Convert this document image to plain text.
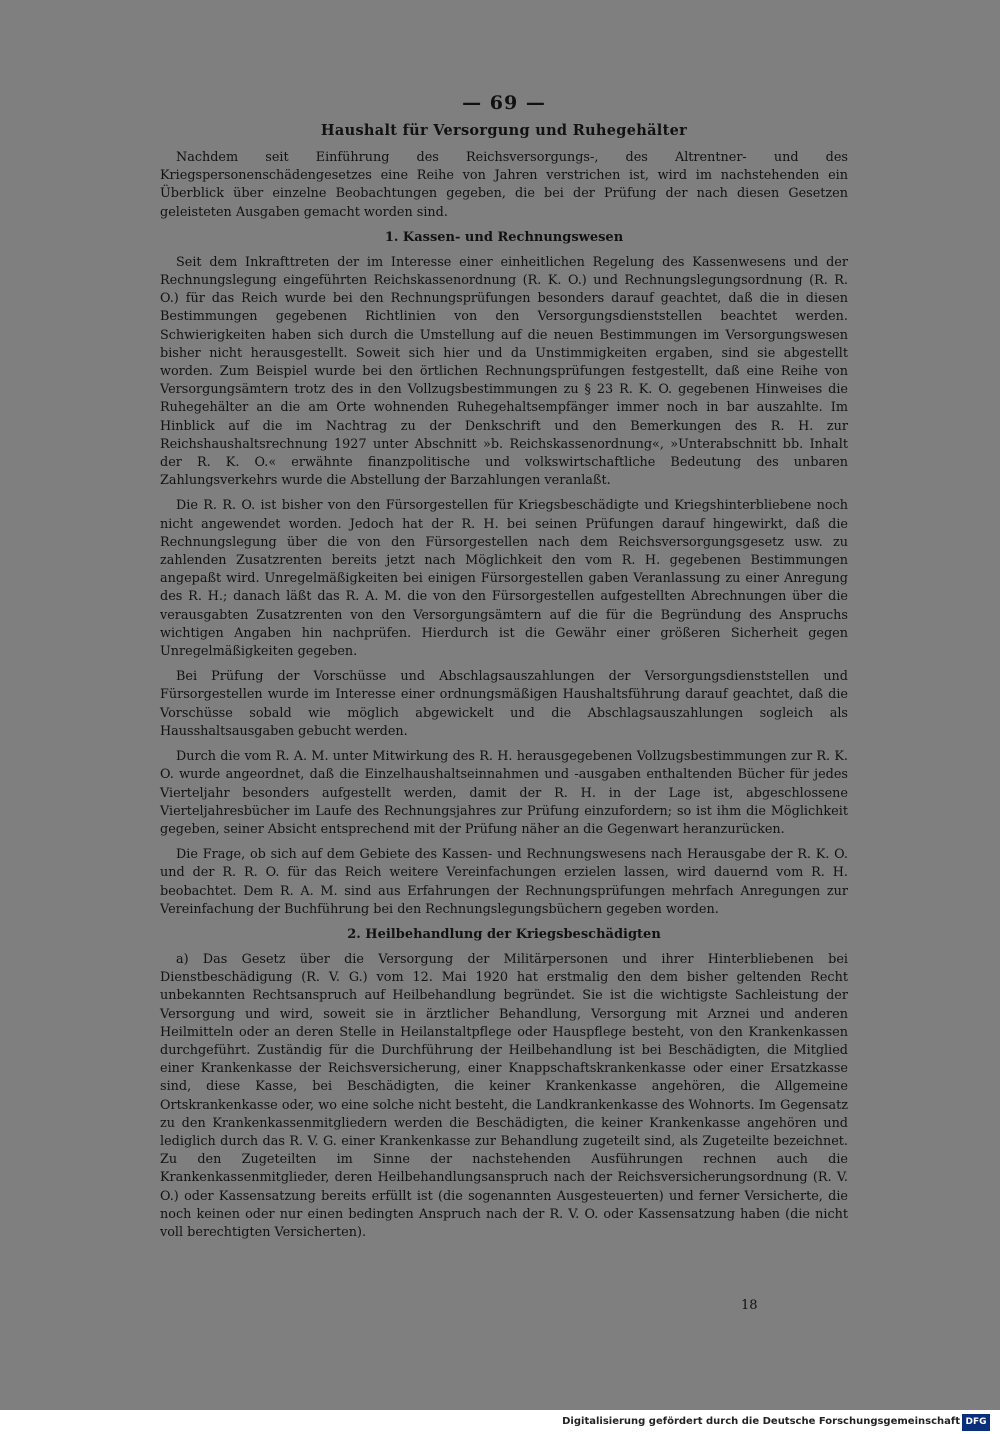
— 69 —
Haushalt für Versorgung und Ruhegehälter

Nachdem seit Einführung des Reichsversorgungs-, des Altrentner- und des Kriegspersonenschädengesetzes eine Reihe von Jahren verstrichen ist, wird im nachstehenden ein Überblick über einzelne Beobachtungen gegeben, die bei der Prüfung der nach diesen Gesetzen geleisteten Ausgaben gemacht worden sind.

1. Kassen- und Rechnungswesen

Seit dem Inkrafttreten der im Interesse einer einheitlichen Regelung des Kassenwesens und der Rechnungslegung eingeführten Reichskassenordnung (R. K. O.) und Rechnungslegungsordnung (R. R. O.) für das Reich wurde bei den Rechnungsprüfungen besonders darauf geachtet, daß die in diesen Bestimmungen gegebenen Richtlinien von den Versorgungsdienststellen beachtet werden. Schwierigkeiten haben sich durch die Umstellung auf die neuen Bestimmungen im Versorgungswesen bisher nicht herausgestellt. Soweit sich hier und da Unstimmigkeiten ergaben, sind sie abgestellt worden. Zum Beispiel wurde bei den örtlichen Rechnungsprüfungen festgestellt, daß eine Reihe von Versorgungsämtern trotz des in den Vollzugsbestimmungen zu § 23 R. K. O. gegebenen Hinweises die Ruhegehälter an die am Orte wohnenden Ruhegehaltsempfänger immer noch in bar auszahlte. Im Hinblick auf die im Nachtrag zu der Denkschrift und den Bemerkungen des R. H. zur Reichshaushaltsrechnung 1927 unter Abschnitt »b. Reichskassenordnung«, »Unterabschnitt bb. Inhalt der R. K. O.« erwähnte finanzpolitische und volkswirtschaftliche Bedeutung des unbaren Zahlungsverkehrs wurde die Abstellung der Barzahlungen veranlaßt.

Die R. R. O. ist bisher von den Fürsorgestellen für Kriegsbeschädigte und Kriegshinterbliebene noch nicht angewendet worden. Jedoch hat der R. H. bei seinen Prüfungen darauf hingewirkt, daß die Rechnungslegung über die von den Fürsorgestellen nach dem Reichsversorgungsgesetz usw. zu zahlenden Zusatzrenten bereits jetzt nach Möglichkeit den vom R. H. gegebenen Bestimmungen angepaßt wird. Unregelmäßigkeiten bei einigen Fürsorgestellen gaben Veranlassung zu einer Anregung des R. H.; danach läßt das R. A. M. die von den Fürsorgestellen aufgestellten Abrechnungen über die verausgabten Zusatzrenten von den Versorgungsämtern auf die für die Begründung des Anspruchs wichtigen Angaben hin nachprüfen. Hierdurch ist die Gewähr einer größeren Sicherheit gegen Unregelmäßigkeiten gegeben.

Bei Prüfung der Vorschüsse und Abschlagsauszahlungen der Versorgungsdienststellen und Fürsorgestellen wurde im Interesse einer ordnungsmäßigen Haushaltsführung darauf geachtet, daß die Vorschüsse sobald wie möglich abgewickelt und die Abschlagsauszahlungen sogleich als Hausshaltsausgaben gebucht werden.

Durch die vom R. A. M. unter Mitwirkung des R. H. herausgegebenen Vollzugsbestimmungen zur R. K. O. wurde angeordnet, daß die Einzelhaushaltseinnahmen und -ausgaben enthaltenden Bücher für jedes Vierteljahr besonders aufgestellt werden, damit der R. H. in der Lage ist, abgeschlossene Vierteljahresbücher im Laufe des Rechnungsjahres zur Prüfung einzufordern; so ist ihm die Möglichkeit gegeben, seiner Absicht entsprechend mit der Prüfung näher an die Gegenwart heranzurücken.

Die Frage, ob sich auf dem Gebiete des Kassen- und Rechnungswesens nach Herausgabe der R. K. O. und der R. R. O. für das Reich weitere Vereinfachungen erzielen lassen, wird dauernd vom R. H. beobachtet. Dem R. A. M. sind aus Erfahrungen der Rechnungsprüfungen mehrfach Anregungen zur Vereinfachung der Buchführung bei den Rechnungslegungsbüchern gegeben worden.

2. Heilbehandlung der Kriegsbeschädigten

a) Das Gesetz über die Versorgung der Militärpersonen und ihrer Hinterbliebenen bei Dienstbeschädigung (R. V. G.) vom 12. Mai 1920 hat erstmalig den dem bisher geltenden Recht unbekannten Rechtsanspruch auf Heilbehandlung begründet. Sie ist die wichtigste Sachleistung der Versorgung und wird, soweit sie in ärztlicher Behandlung, Versorgung mit Arznei und anderen Heilmitteln oder an deren Stelle in Heilanstaltpflege oder Hauspflege besteht, von den Krankenkassen durchgeführt. Zuständig für die Durchführung der Heilbehandlung ist bei Beschädigten, die Mitglied einer Krankenkasse der Reichsversicherung, einer Knappschaftskrankenkasse oder einer Ersatzkasse sind, diese Kasse, bei Beschädigten, die keiner Krankenkasse angehören, die Allgemeine Ortskrankenkasse oder, wo eine solche nicht besteht, die Landkrankenkasse des Wohnorts. Im Gegensatz zu den Krankenkassenmitgliedern werden die Beschädigten, die keiner Krankenkasse angehören und lediglich durch das R. V. G. einer Krankenkasse zur Behandlung zugeteilt sind, als Zugeteilte bezeichnet. Zu den Zugeteilten im Sinne der nachstehenden Ausführungen rechnen auch die Krankenkassenmitglieder, deren Heilbehandlungsanspruch nach der Reichsversicherungsordnung (R. V. O.) oder Kassensatzung bereits erfüllt ist (die sogenannten Ausgesteuerten) und ferner Versicherte, die noch keinen oder nur einen bedingten Anspruch nach der R. V. O. oder Kassensatzung haben (die nicht voll berechtigten Versicherten).

18
Digitalisierung gefördert durch die Deutsche Forschungsgemeinschaft DFG
